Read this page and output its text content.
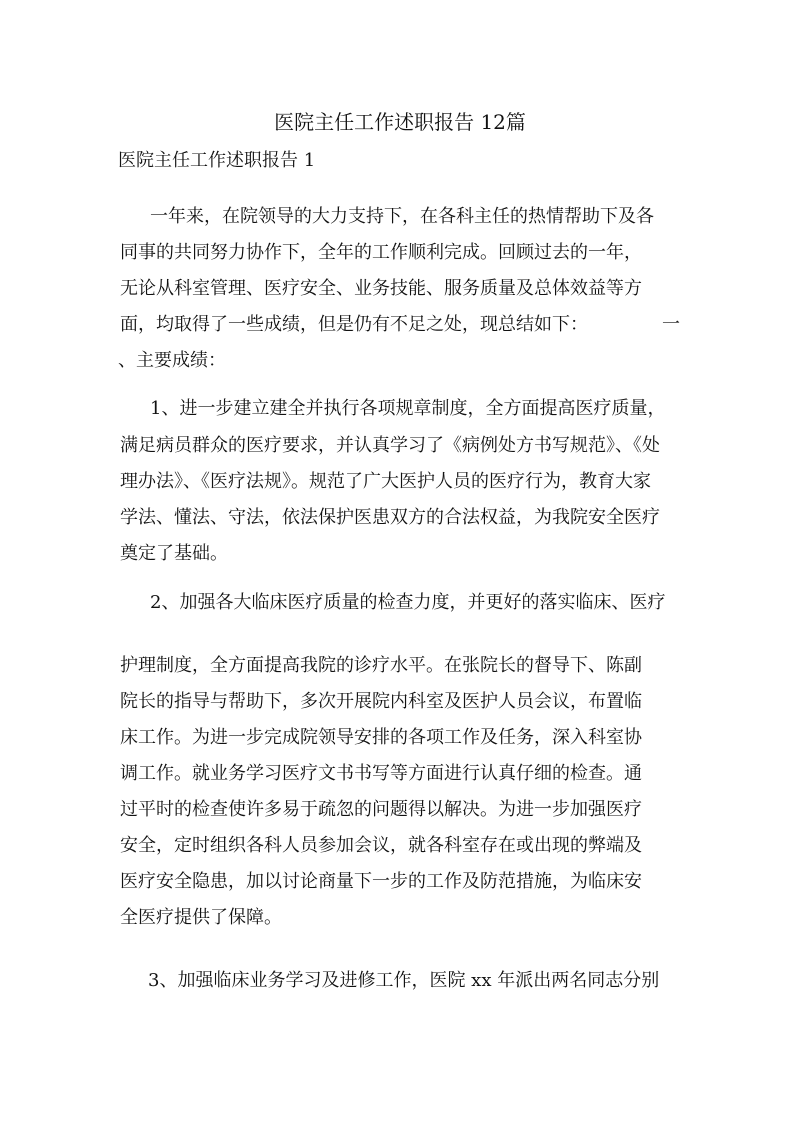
医院主任工作述职报告 12篇
医院主任工作述职报告 1
一年来，在院领导的大力支持下，在各科主任的热情帮助下及各
同事的共同努力协作下，全年的工作顺利完成。回顾过去的一年，
无论从科室管理、医疗安全、业务技能、服务质量及总体效益等方
面，均取得了一些成绩，但是仍有不足之处，现总结如下：	一
、主要成绩：
1、进一步建立建全并执行各项规章制度，全方面提高医疗质量，
满足病员群众的医疗要求，并认真学习了《病例处方书写规范》、《处
理办法》、《医疗法规》。规范了广大医护人员的医疗行为，教育大家
学法、懂法、守法，依法保护医患双方的合法权益，为我院安全医疗
奠定了基础。
2、加强各大临床医疗质量的检查力度，并更好的落实临床、医疗
护理制度，全方面提高我院的诊疗水平。在张院长的督导下、陈副
院长的指导与帮助下，多次开展院内科室及医护人员会议，布置临
床工作。为进一步完成院领导安排的各项工作及任务，深入科室协
调工作。就业务学习医疗文书书写等方面进行认真仔细的检查。通
过平时的检查使许多易于疏忽的问题得以解决。为进一步加强医疗
安全，定时组织各科人员参加会议，就各科室存在或出现的弊端及
医疗安全隐患，加以讨论商量下一步的工作及防范措施，为临床安
全医疗提供了保障。
3、加强临床业务学习及进修工作，医院 xx 年派出两名同志分别
